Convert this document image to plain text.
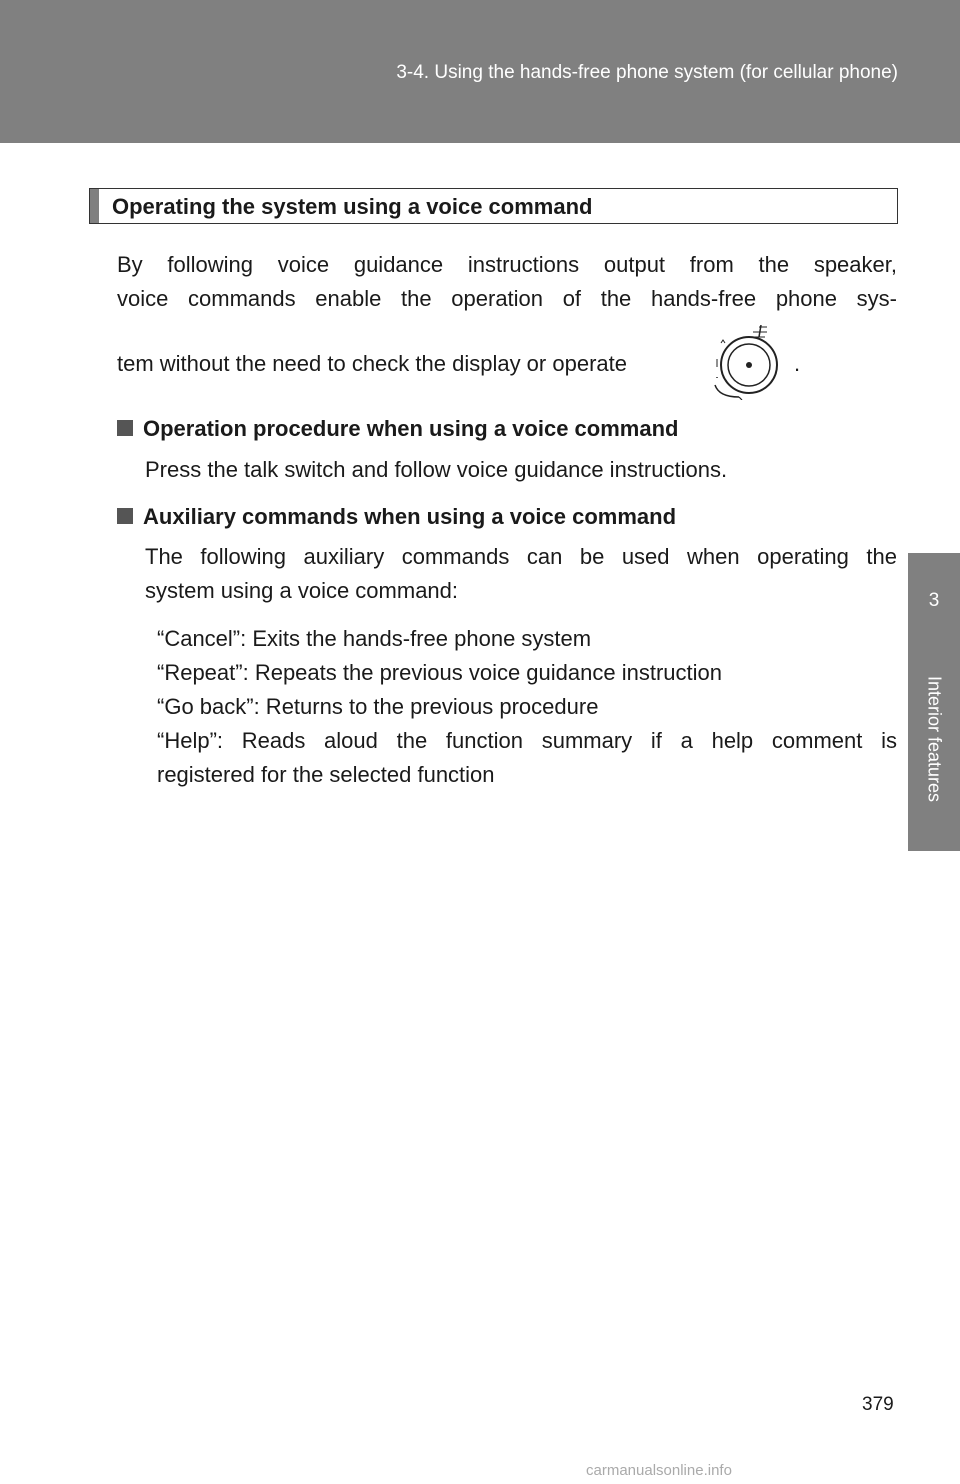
3-4. Using the hands-free phone system (for cellular phone)
3
Interior features
Operating the system using a voice command
By following voice guidance instructions output from the speaker,
voice commands enable the operation of the hands-free phone sys-
tem without the need to check the display or operate	.
Operation procedure when using a voice command
Press the talk switch and follow voice guidance instructions.
Auxiliary commands when using a voice command
The following auxiliary commands can be used when operating the
system using a voice command:
“Cancel”: Exits the hands-free phone system
“Repeat”: Repeats the previous voice guidance instruction
“Go back”: Returns to the previous procedure
“Help”: Reads aloud the function summary if a help comment is
registered for the selected function
379
carmanualsonline.info
